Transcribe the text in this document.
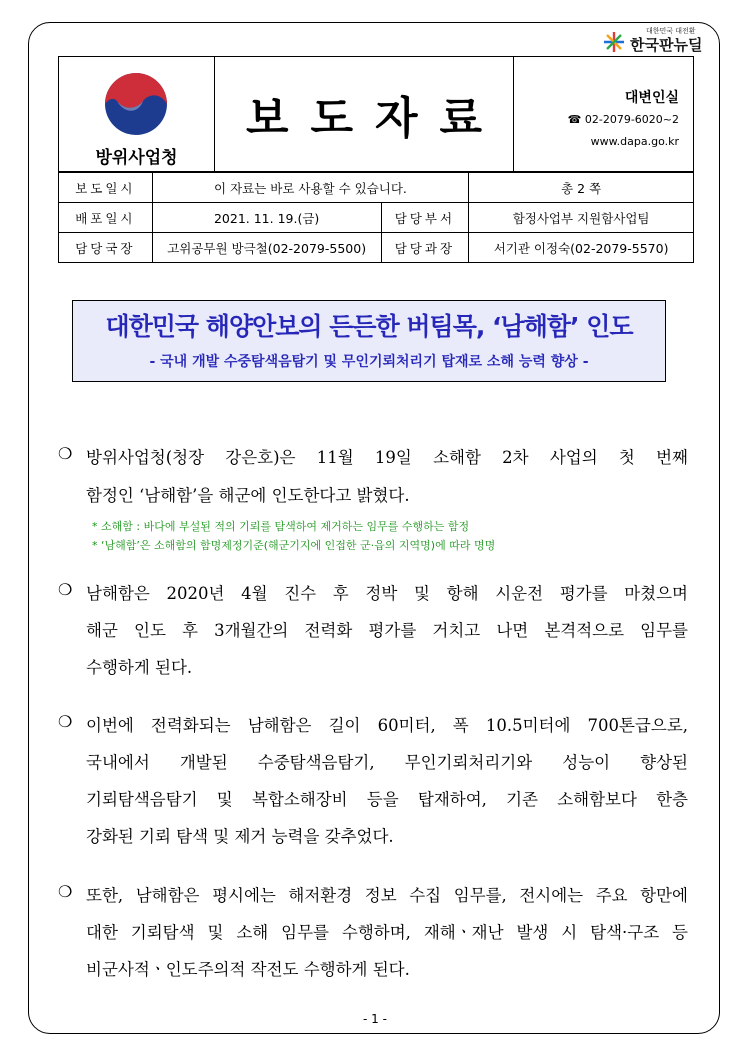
대한민국 대전환
한국판뉴딜
방위사업청
보도자료	대변인실
☎ 02-2079-6020~2
www.dapa.go.kr
보도일시	이 자료는 바로 사용할 수 있습니다.		총 2 쪽
배포일시	2021. 11. 19.(금)	담당부서	함정사업부 지원함사업팀
담당국장	고위공무원 방극철(02-2079-5500)	담당과장	서기관 이정숙(02-2079-5570)
대한민국 해양안보의 든든한 버팀목, ‘남해함’ 인도
- 국내 개발 수중탐색음탐기 및 무인기뢰처리기 탑재로 소해 능력 향상 -
❍ 방위사업청(청장 강은호)은 11월 19일 소해함 2차 사업의 첫 번째
함정인 ‘남해함’을 해군에 인도한다고 밝혔다.
* 소해함 : 바다에 부설된 적의 기뢰를 탐색하여 제거하는 임무를 수행하는 함정
* ‘남해함’은 소해함의 함명제정기준(해군기지에 인접한 군·읍의 지역명)에 따라 명명
❍ 남해함은 2020년 4월 진수 후 정박 및 항해 시운전 평가를 마쳤으며
해군 인도 후 3개월간의 전력화 평가를 거치고 나면 본격적으로 임무를
수행하게 된다.
❍ 이번에 전력화되는 남해함은 길이 60미터, 폭 10.5미터에 700톤급으로,
국내에서 개발된 수중탐색음탐기, 무인기뢰처리기와 성능이 향상된
기뢰탐색음탐기 및 복합소해장비 등을 탑재하여, 기존 소해함보다 한층
강화된 기뢰 탐색 및 제거 능력을 갖추었다.
❍ 또한, 남해함은 평시에는 해저환경 정보 수집 임무를, 전시에는 주요 항만에
대한 기뢰탐색 및 소해 임무를 수행하며, 재해ㆍ재난 발생 시 탐색·구조 등
비군사적ㆍ인도주의적 작전도 수행하게 된다.
- 1 -
